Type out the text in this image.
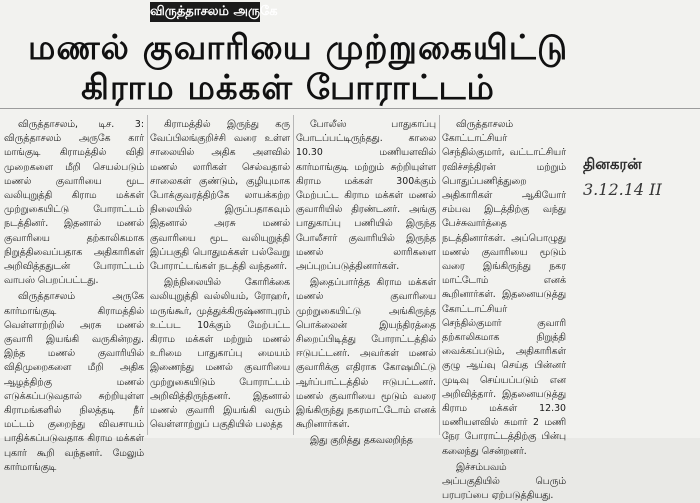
விருத்தாசலம் அருகே
மணல் குவாரியை முற்றுகையிட்டு
கிராம மக்கள் போராட்டம்

விருத்தாசலம், டிச. 3: விருத்தாசலம் அருகே கார் மாங்குடி கிராமத்தில் விதி முறைகளை மீறி செயல்படும் மணல் குவாரியை மூட வலியுறுத்தி கிராம மக்கள் முற்றுகையிட்டு போராட்டம் நடத்தினர். இதனால் மணல் குவாரியை தற்காலிகமாக நிறுத்திவைப்பதாக அதிகாரிகள் அறிவித்ததுடன் போராட்டம் வாபஸ் பெறப்பட்டது.

விருத்தாசலம் அருகே கார்மாங்குடி கிராமத்தில் வெள்ளாற்றில் அரசு மணல் குவாரி இயங்கி வருகின்றது. இந்த மணல் குவாரியில் விதிமுறைகளை மீறி அதிக ஆழத்திற்கு மணல் எடுக்கப்படுவதால் சுற்றியுள்ள கிராமங்களில் நிலத்தடி நீர் மட்டம் குறைந்து விவசாயம் பாதிக்கப்படுவதாக கிராம மக்கள் புகார் கூறி வந்தனர். மேலும் கார்மாங்குடி

கிராமத்தில் இருந்து கரு வேப்பிலங்குறிச்சி வரை உள்ள சாலையில் அதிக அளவில் மணல் லாரிகள் செல்வதால் சாலைகள் குண்டும், குழியுமாக போக்குவரத்திற்கே லாயக்கற்ற நிலையில் இருப்பதாகவும் இதனால் அரசு மணல் குவாரியை மூட வலியுறுத்தி இப்பகுதி பொதுமக்கள் பல்வேறு போராட்டங்கள் நடத்தி வந்தனர்.

இந்நிலையில் கோரிக்கை வலியுறுத்தி வல்லியம், ரோஹர், மருங்கூர், முத்துக்கிருஷ்ணாபுரம் உட்பட 10க்கும் மேற்பட்ட கிராம மக்கள் மற்றும் மணல் உரிமை பாதுகாப்பு மையம் இணைந்து மணல் குவாரியை முற்றுகையிடும் போராட்டம் அறிவித்திருந்தனர். இதனால் மணல் குவாரி இயங்கி வரும் வெள்ளாற்றுப் பகுதியில் பலத்த

போலீஸ் பாதுகாப்பு போடப்பட்டிருந்தது. காலை 10.30 மணியளவில் கார்மாங்குடி மற்றும் சுற்றியுள்ள கிராம மக்கள் 300க்கும் மேற்பட்ட கிராம மக்கள் மணல் குவாரியில் திரண்டனர். அங்கு பாதுகாப்பு பணியில் இருந்த போலீசார் குவாரியில் இருந்த மணல் லாரிகளை அப்புறப்படுத்தினார்கள்.

இதைப்பார்த்த கிராம மக்கள் மணல் குவாரியை முற்றுகையிட்டு அங்கிருந்த பொக்லைன் இயந்திரத்தை சிறைப்பிடித்து போராட்டத்தில் ஈடுபட்டனர். அவர்கள் மணல் குவாரிக்கு எதிராக கோஷமிட்டு ஆர்ப்பாட்டத்தில் ஈடுபட்டனர். மணல் குவாரியை மூடும் வரை இங்கிருந்து நகரமாட்டோம் எனக் கூறினார்கள்.

இது குறித்து தகவலறிந்த

விருத்தாசலம் கோட்டாட்சியர் செந்தில்குமார், வட்டாட்சியர் ரவிச்சந்திரன் மற்றும் பொதுப்பணித்துறை அதிகாரிகள் ஆகியோர் சம்பவ இடத்திற்கு வந்து பேச்சுவார்த்தை நடத்தினார்கள். அப்பொழுது மணல் குவாரியை மூடும் வரை இங்கிருந்து நகர மாட்டோம் எனக் கூறினார்கள். இதனையடுத்து கோட்டாட்சியர் செந்தில்குமார் குவாரி தற்காலிகமாக நிறுத்தி வைக்கப்படும், அதிகாரிகள் குழு ஆய்வு செய்த பின்னர் முடிவு செய்யப்படும் என அறிவித்தார். இதனையடுத்து கிராம மக்கள் 12.30 மணியளவில் சுமார் 2 மணி நேர போராட்டத்திற்கு பின்பு கலைந்து சென்றனர்.

இச்சம்பவம் அப்பகுதியில் பெரும் பரபரப்பை ஏற்படுத்தியது.

தினகரன்
3.12.14 II
